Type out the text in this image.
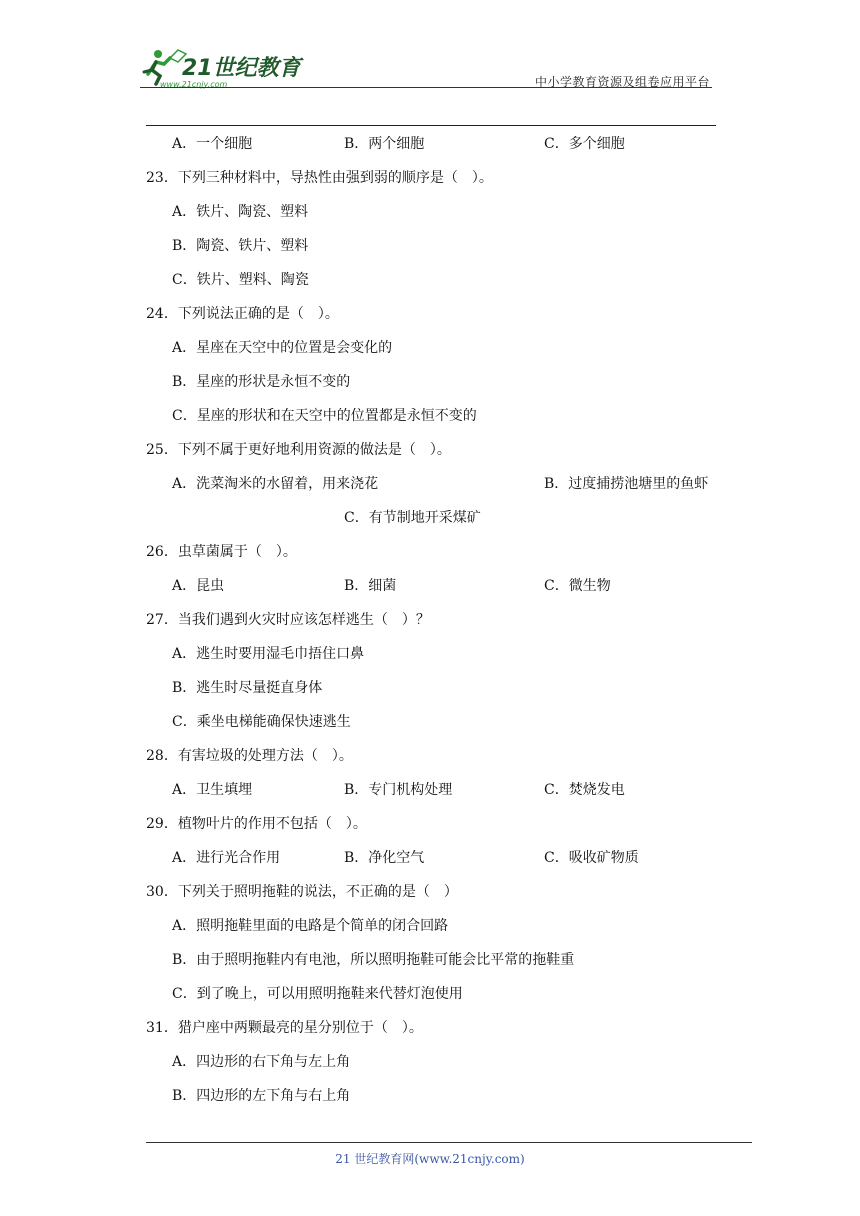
21世纪教育
www.21cnjy.com	中小学教育资源及组卷应用平台
A．一个细胞	B．两个细胞	C．多个细胞
23．下列三种材料中，导热性由强到弱的顺序是（　）。
A．铁片、陶瓷、塑料
B．陶瓷、铁片、塑料
C．铁片、塑料、陶瓷
24．下列说法正确的是（　）。
A．星座在天空中的位置是会变化的
B．星座的形状是永恒不变的
C．星座的形状和在天空中的位置都是永恒不变的
25．下列不属于更好地利用资源的做法是（　）。
A．洗菜淘米的水留着，用来浇花	B．过度捕捞池塘里的鱼虾
C．有节制地开采煤矿
26．虫草菌属于（　）。
A．昆虫	B．细菌	C．微生物
27．当我们遇到火灾时应该怎样逃生（　）？
A．逃生时要用湿毛巾捂住口鼻
B．逃生时尽量挺直身体
C．乘坐电梯能确保快速逃生
28．有害垃圾的处理方法（　）。
A．卫生填埋	B．专门机构处理	C．焚烧发电
29．植物叶片的作用不包括（　）。
A．进行光合作用	B．净化空气	C．吸收矿物质
30．下列关于照明拖鞋的说法，不正确的是（　）
A．照明拖鞋里面的电路是个简单的闭合回路
B．由于照明拖鞋内有电池，所以照明拖鞋可能会比平常的拖鞋重
C．到了晚上，可以用照明拖鞋来代替灯泡使用
31．猎户座中两颗最亮的星分别位于（　）。
A．四边形的右下角与左上角
B．四边形的左下角与右上角
21 世纪教育网(www.21cnjy.com)
